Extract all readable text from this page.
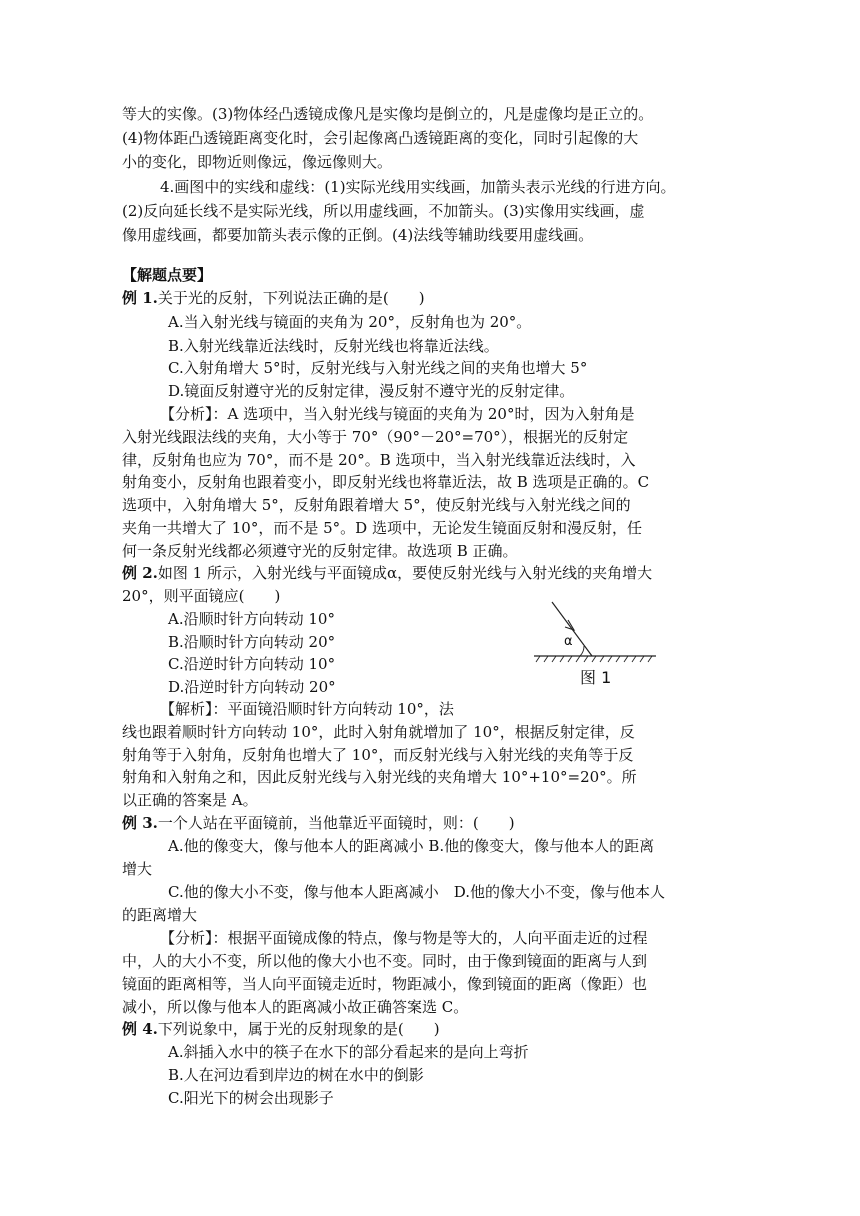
等大的实像。(3)物体经凸透镜成像凡是实像均是倒立的，凡是虚像均是正立的。
(4)物体距凸透镜距离变化时，会引起像离凸透镜距离的变化，同时引起像的大
小的变化，即物近则像远，像远像则大。
4.画图中的实线和虚线：(1)实际光线用实线画，加箭头表示光线的行进方向。
(2)反向延长线不是实际光线，所以用虚线画，不加箭头。(3)实像用实线画，虚
像用虚线画，都要加箭头表示像的正倒。(4)法线等辅助线要用虚线画。
【解题点要】
例 1.关于光的反射，下列说法正确的是(　　)
A.当入射光线与镜面的夹角为 20°，反射角也为 20°。
B.入射光线靠近法线时，反射光线也将靠近法线。
C.入射角增大 5°时，反射光线与入射光线之间的夹角也增大 5°
D.镜面反射遵守光的反射定律，漫反射不遵守光的反射定律。
【分析】：A 选项中，当入射光线与镜面的夹角为 20°时，因为入射角是
入射光线跟法线的夹角，大小等于 70°（90°－20°=70°），根据光的反射定
律，反射角也应为 70°，而不是 20°。B 选项中，当入射光线靠近法线时，入
射角变小，反射角也跟着变小，即反射光线也将靠近法，故 B 选项是正确的。C
选项中，入射角增大 5°，反射角跟着增大 5°，使反射光线与入射光线之间的
夹角一共增大了 10°，而不是 5°。D 选项中，无论发生镜面反射和漫反射，任
何一条反射光线都必须遵守光的反射定律。故选项 B 正确。
例 2.如图 1 所示，入射光线与平面镜成α，要使反射光线与入射光线的夹角增大
20°，则平面镜应(　　)
A.沿顺时针方向转动 10°
B.沿顺时针方向转动 20°
C.沿逆时针方向转动 10°
D.沿逆时针方向转动 20°
α
图 1
【解析】：平面镜沿顺时针方向转动 10°，法
线也跟着顺时针方向转动 10°，此时入射角就增加了 10°，根据反射定律，反
射角等于入射角，反射角也增大了 10°，而反射光线与入射光线的夹角等于反
射角和入射角之和，因此反射光线与入射光线的夹角增大 10°+10°=20°。所
以正确的答案是 A。
例 3.一个人站在平面镜前，当他靠近平面镜时，则：(　　)
A.他的像变大，像与他本人的距离减小 B.他的像变大，像与他本人的距离
增大
C.他的像大小不变，像与他本人距离减小　D.他的像大小不变，像与他本人
的距离增大
【分析】：根据平面镜成像的特点，像与物是等大的，人向平面走近的过程
中，人的大小不变，所以他的像大小也不变。同时，由于像到镜面的距离与人到
镜面的距离相等，当人向平面镜走近时，物距减小，像到镜面的距离（像距）也
减小，所以像与他本人的距离减小故正确答案选 C。
例 4.下列说象中，属于光的反射现象的是(　　)
A.斜插入水中的筷子在水下的部分看起来的是向上弯折
B.人在河边看到岸边的树在水中的倒影
C.阳光下的树会出现影子
